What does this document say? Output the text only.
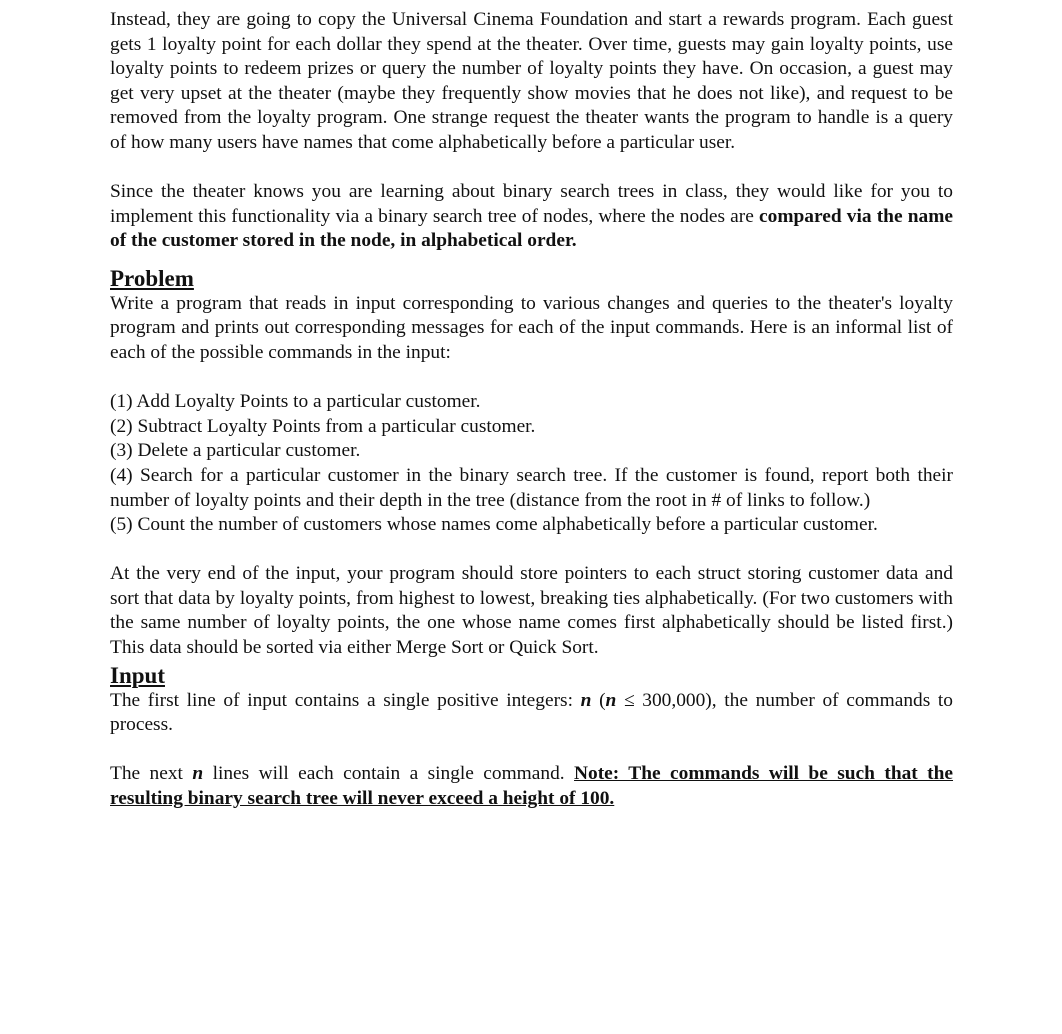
Instead, they are going to copy the Universal Cinema Foundation and start a rewards program. Each guest gets 1 loyalty point for each dollar they spend at the theater. Over time, guests may gain loyalty points, use loyalty points to redeem prizes or query the number of loyalty points they have. On occasion, a guest may get very upset at the theater (maybe they frequently show movies that he does not like), and request to be removed from the loyalty program. One strange request the theater wants the program to handle is a query of how many users have names that come alphabetically before a particular user.

Since the theater knows you are learning about binary search trees in class, they would like for you to implement this functionality via a binary search tree of nodes, where the nodes are compared via the name of the customer stored in the node, in alphabetical order.

Problem

Write a program that reads in input corresponding to various changes and queries to the theater's loyalty program and prints out corresponding messages for each of the input commands. Here is an informal list of each of the possible commands in the input:

(1) Add Loyalty Points to a particular customer.

(2) Subtract Loyalty Points from a particular customer.

(3) Delete a particular customer.

(4) Search for a particular customer in the binary search tree. If the customer is found, report both their number of loyalty points and their depth in the tree (distance from the root in # of links to follow.)

(5) Count the number of customers whose names come alphabetically before a particular customer.

At the very end of the input, your program should store pointers to each struct storing customer data and sort that data by loyalty points, from highest to lowest, breaking ties alphabetically. (For two customers with the same number of loyalty points, the one whose name comes first alphabetically should be listed first.) This data should be sorted via either Merge Sort or Quick Sort.

Input

The first line of input contains a single positive integers: n (n ≤ 300,000), the number of commands to process.

The next n lines will each contain a single command. Note: The commands will be such that the resulting binary search tree will never exceed a height of 100.
